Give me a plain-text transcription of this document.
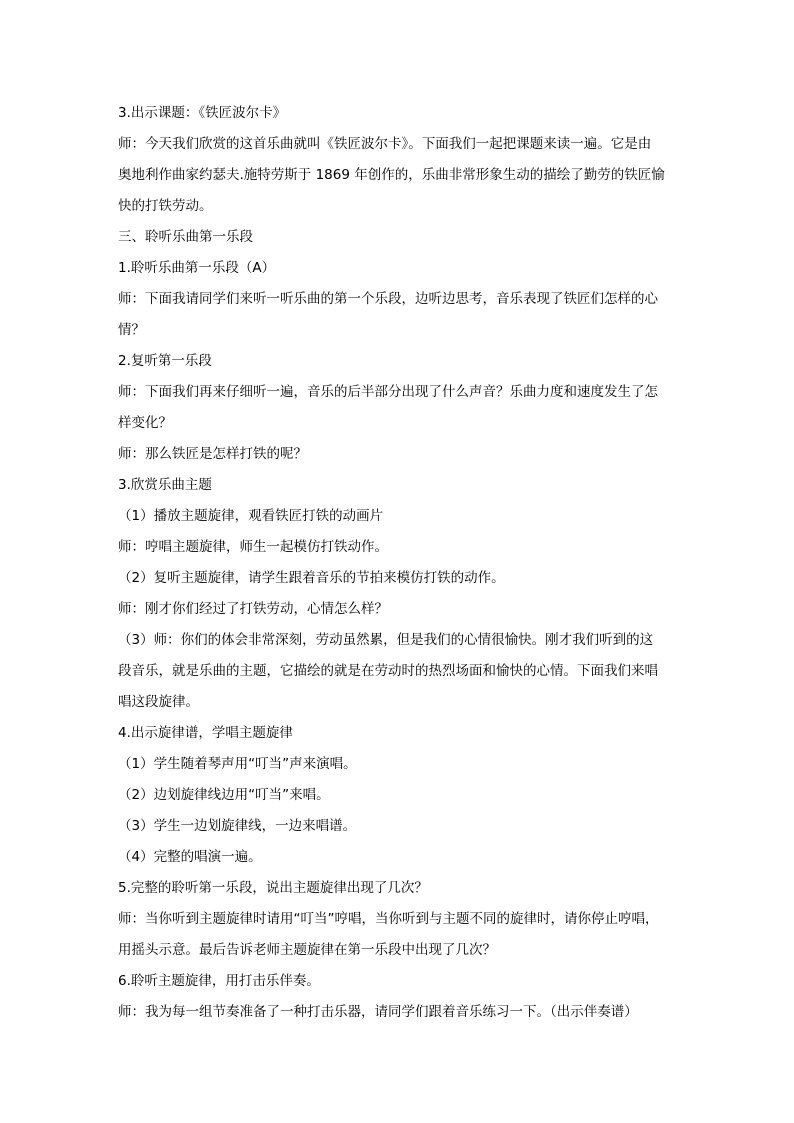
3.出示课题：《铁匠波尔卡》
师：今天我们欣赏的这首乐曲就叫《铁匠波尔卡》。下面我们一起把课题来读一遍。它是由
奥地利作曲家约瑟夫.施特劳斯于 1869 年创作的，乐曲非常形象生动的描绘了勤劳的铁匠愉
快的打铁劳动。
三、聆听乐曲第一乐段
1.聆听乐曲第一乐段（A）
师：下面我请同学们来听一听乐曲的第一个乐段，边听边思考，音乐表现了铁匠们怎样的心
情？
2.复听第一乐段
师：下面我们再来仔细听一遍，音乐的后半部分出现了什么声音？乐曲力度和速度发生了怎
样变化？
师：那么铁匠是怎样打铁的呢？
3.欣赏乐曲主题
（1）播放主题旋律，观看铁匠打铁的动画片
师：哼唱主题旋律，师生一起模仿打铁动作。
（2）复听主题旋律，请学生跟着音乐的节拍来模仿打铁的动作。
师：刚才你们经过了打铁劳动，心情怎么样？
（3）师：你们的体会非常深刻，劳动虽然累，但是我们的心情很愉快。刚才我们听到的这
段音乐，就是乐曲的主题，它描绘的就是在劳动时的热烈场面和愉快的心情。下面我们来唱
唱这段旋律。
4.出示旋律谱，学唱主题旋律
（1）学生随着琴声用“叮当”声来演唱。
（2）边划旋律线边用“叮当”来唱。
（3）学生一边划旋律线，一边来唱谱。
（4）完整的唱演一遍。
5.完整的聆听第一乐段，说出主题旋律出现了几次？
师：当你听到主题旋律时请用“叮当”哼唱，当你听到与主题不同的旋律时，请你停止哼唱，
用摇头示意。最后告诉老师主题旋律在第一乐段中出现了几次？
6.聆听主题旋律，用打击乐伴奏。
师：我为每一组节奏准备了一种打击乐器，请同学们跟着音乐练习一下。（出示伴奏谱）
